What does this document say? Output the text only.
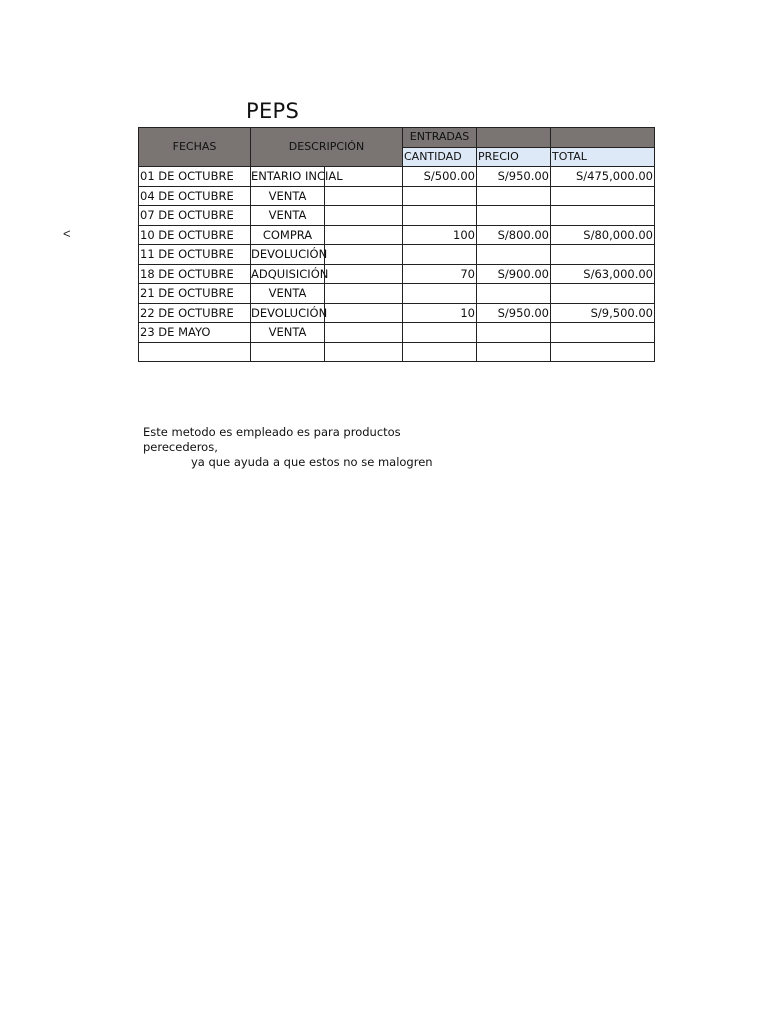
PEPS
<
FECHAS	DESCRIPCIÓN		ENTRADAS		
			CANTIDAD	PRECIO	TOTAL
01 DE OCTUBRE	ENTARIO INCIAL		S/500.00	S/950.00	S/475,000.00
04 DE OCTUBRE	VENTA				

07 DE OCTUBRE	VENTA				

10 DE OCTUBRE	COMPRA		100	S/800.00	S/80,000.00
11 DE OCTUBRE	DEVOLUCIÓN				

18 DE OCTUBRE	ADQUISICIÓN		70	S/900.00	S/63,000.00
21 DE OCTUBRE	VENTA				

22 DE OCTUBRE	DEVOLUCIÓN		10	S/950.00	S/9,500.00
23 DE MAYO	VENTA				

Este metodo es empleado es para productos perecederos,
ya que ayuda a que estos no se malogren
